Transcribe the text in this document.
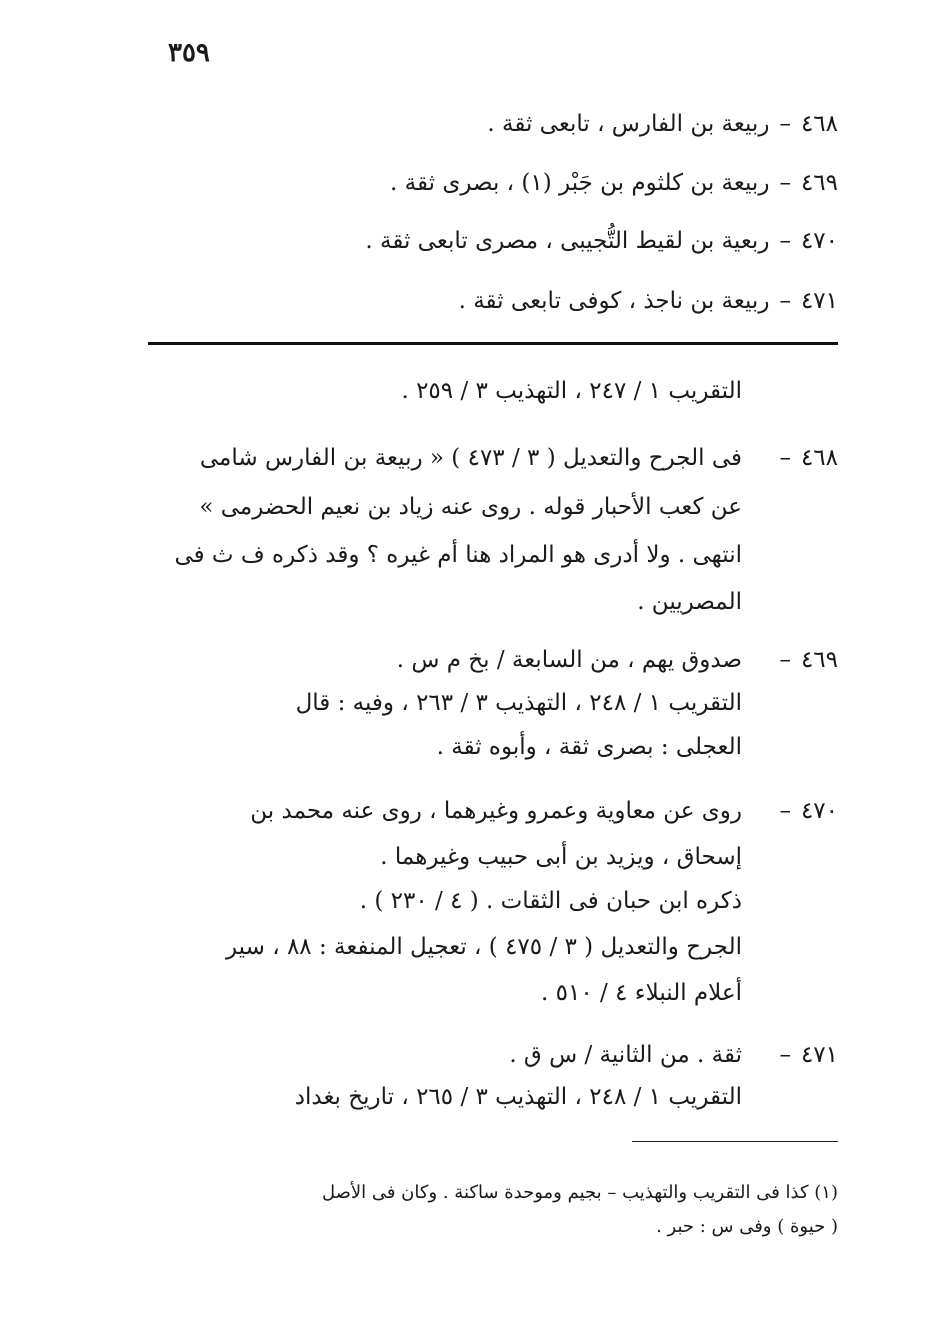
٣٥٩
٤٦٨–ربيعة بن الفارس ، تابعى ثقة .
٤٦٩–ربيعة بن كلثوم بن جَبْر (١) ، بصرى ثقة .
٤٧٠–ربعية بن لقيط التُّجيبى ، مصرى تابعى ثقة .
٤٧١–ربيعة بن ناجذ ، كوفى تابعى ثقة .
التقريب ١ / ٢٤٧ ، التهذيب ٣ / ٢٥٩ .
٤٦٨–
فى الجرح والتعديل ( ٣ / ٤٧٣ ) « ربيعة بن الفارس شامى
عن كعب الأحبار قوله . روى عنه زياد بن نعيم الحضرمى »
انتهى . ولا أدرى هو المراد هنا أم غيره ؟ وقد ذكره ف ث فى
المصريين .
٤٦٩–
صدوق يهم ، من السابعة / بخ م س .
التقريب ١ / ٢٤٨ ، التهذيب ٣ / ٢٦٣ ، وفيه : قال
العجلى : بصرى ثقة ، وأبوه ثقة .
٤٧٠–
روى عن معاوية وعمرو وغيرهما ، روى عنه محمد بن
إسحاق ، ويزيد بن أبى حبيب وغيرهما .
ذكره ابن حبان فى الثقات . ( ٤ / ٢٣٠ ) .
الجرح والتعديل ( ٣ / ٤٧٥ ) ، تعجيل المنفعة : ٨٨ ، سير
أعلام النبلاء ٤ / ٥١٠ .
٤٧١–
ثقة . من الثانية / س ق .
التقريب ١ / ٢٤٨ ، التهذيب ٣ / ٢٦٥ ، تاريخ بغداد
(١) كذا فى التقريب والتهذيب – بجيم وموحدة ساكنة . وكان فى الأصل
( حيوة ) وفى س : حبر .
